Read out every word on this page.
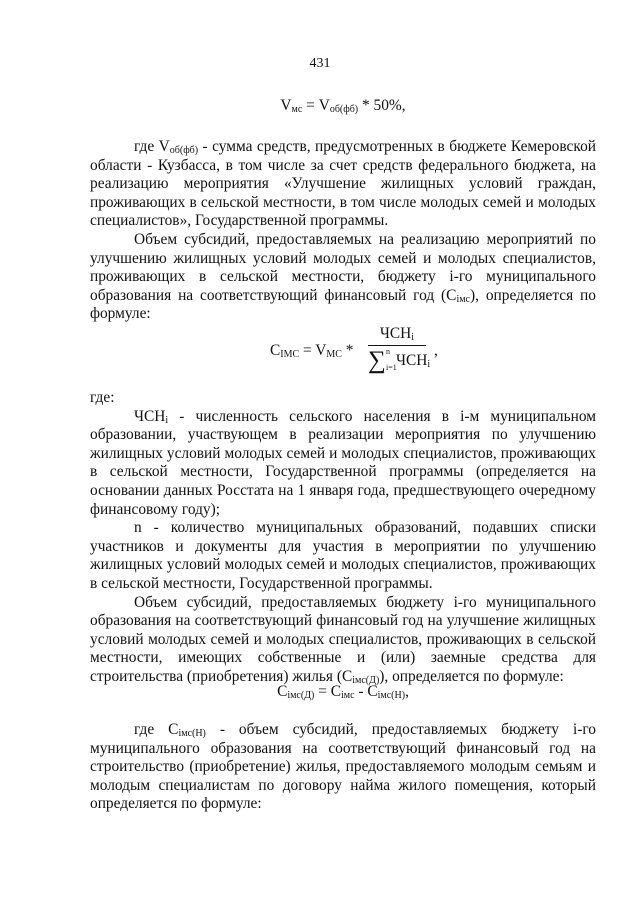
431
$V_{мс} = V_{об(фб)} * 50\%$,

где $V_{об(фб)}$ - сумма средств, предусмотренных в бюджете Кемеровской области - Кузбасса, в том числе за счет средств федерального бюджета, на реализацию мероприятия «Улучшение жилищных условий граждан, проживающих в сельской местности, в том числе молодых семей и молодых специалистов», Государственной программы.

Объем субсидий, предоставляемых на реализацию мероприятий по улучшению жилищных условий молодых семей и молодых специалистов, проживающих в сельской местности, бюджету i-го муниципального образования на соответствующий финансовый год $(С_{iмс})$, определяется по формуле:

$С_{IMC} = V_{MC}$ *
$ЧСН_i$
∑ n
i=1 $ЧСН_i$
,

где:

$ЧСН_i$ - численность сельского населения в i-м муниципальном образовании, участвующем в реализации мероприятия по улучшению жилищных условий молодых семей и молодых специалистов, проживающих в сельской местности, Государственной программы (определяется на основании данных Росстата на 1 января года, предшествующего очередному финансовому году);

n - количество муниципальных образований, подавших списки участников и документы для участия в мероприятии по улучшению жилищных условий молодых семей и молодых специалистов, проживающих в сельской местности, Государственной программы.

Объем субсидий, предоставляемых бюджету i-го муниципального образования на соответствующий финансовый год на улучшение жилищных условий молодых семей и молодых специалистов, проживающих в сельской местности, имеющих собственные и (или) заемные средства для строительства (приобретения) жилья $(С_{iмс(Д)})$, определяется по формуле:

$С_{iмс(Д)} = С_{iмс} - С_{iмс(Н)}$,

где $С_{iмс(Н)}$ - объем субсидий, предоставляемых бюджету i-го муниципального образования на соответствующий финансовый год на строительство (приобретение) жилья, предоставляемого молодым семьям и молодым специалистам по договору найма жилого помещения, который определяется по формуле:
